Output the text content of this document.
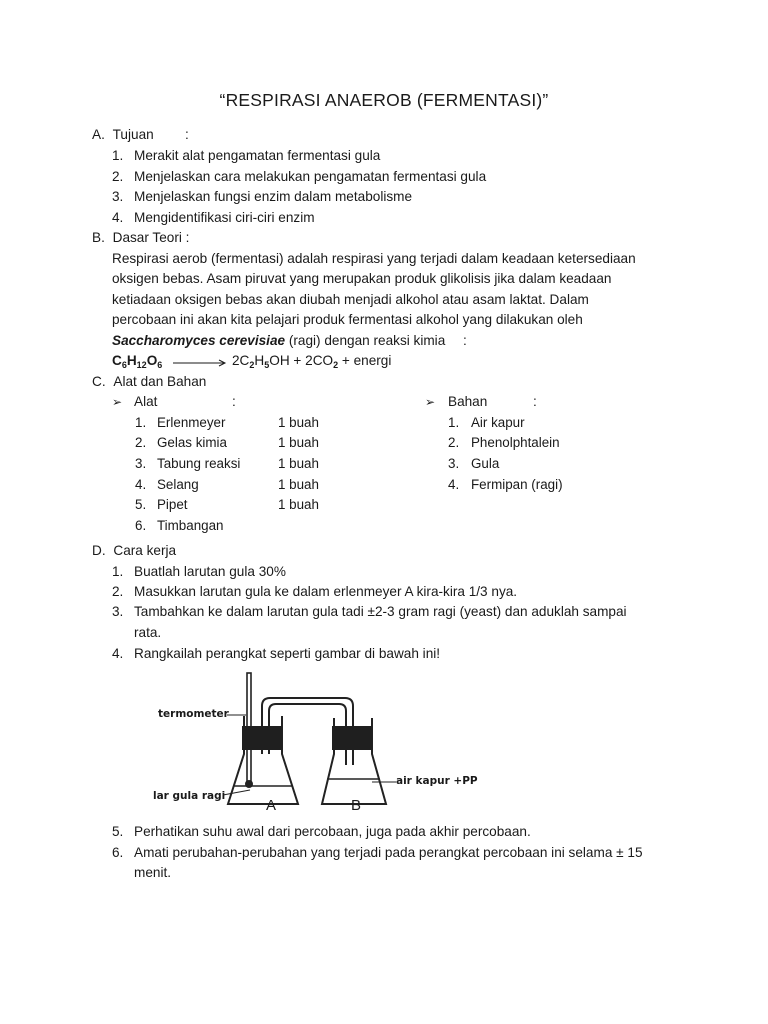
“RESPIRASI ANAEROB (FERMENTASI)”
A. Tujuan :
1. Merakit alat pengamatan fermentasi gula
2. Menjelaskan cara melakukan pengamatan fermentasi gula
3. Menjelaskan fungsi enzim dalam metabolisme
4. Mengidentifikasi ciri-ciri enzim
B. Dasar Teori :
Respirasi aerob (fermentasi) adalah respirasi yang terjadi dalam keadaan ketersediaan
oksigen bebas. Asam piruvat yang merupakan produk glikolisis jika dalam keadaan
ketiadaan oksigen bebas akan diubah menjadi alkohol atau asam laktat. Dalam
percobaan ini akan kita pelajari produk fermentasi alkohol yang dilakukan oleh
Saccharomyces cerevisiae (ragi) dengan reaksi kimia :
$C_6H_{12}O_6 \to 2C_2H_5OH + 2CO_2$ + energi
C. Alat dan Bahan
➢ Alat	:
1. Erlenmeyer	1 buah
2. Gelas kimia	1 buah
3. Tabung reaksi	1 buah
4. Selang	1 buah
5. Pipet	1 buah
6. Timbangan
➢ Bahan	:
1. Air kapur
2. Phenolphtalein
3. Gula
4. Fermipan (ragi)
D. Cara kerja
1. Buatlah larutan gula 30%
2. Masukkan larutan gula ke dalam erlenmeyer A kira-kira 1/3 nya.
3. Tambahkan ke dalam larutan gula tadi ±2-3 gram ragi (yeast) dan aduklah sampai
rata.
4. Rangkailah perangkat seperti gambar di bawah ini!
termometer
air kapur +PP
lar gula ragi
A	B
5. Perhatikan suhu awal dari percobaan, juga pada akhir percobaan.
6. Amati perubahan-perubahan yang terjadi pada perangkat percobaan ini selama ± 15
menit.
